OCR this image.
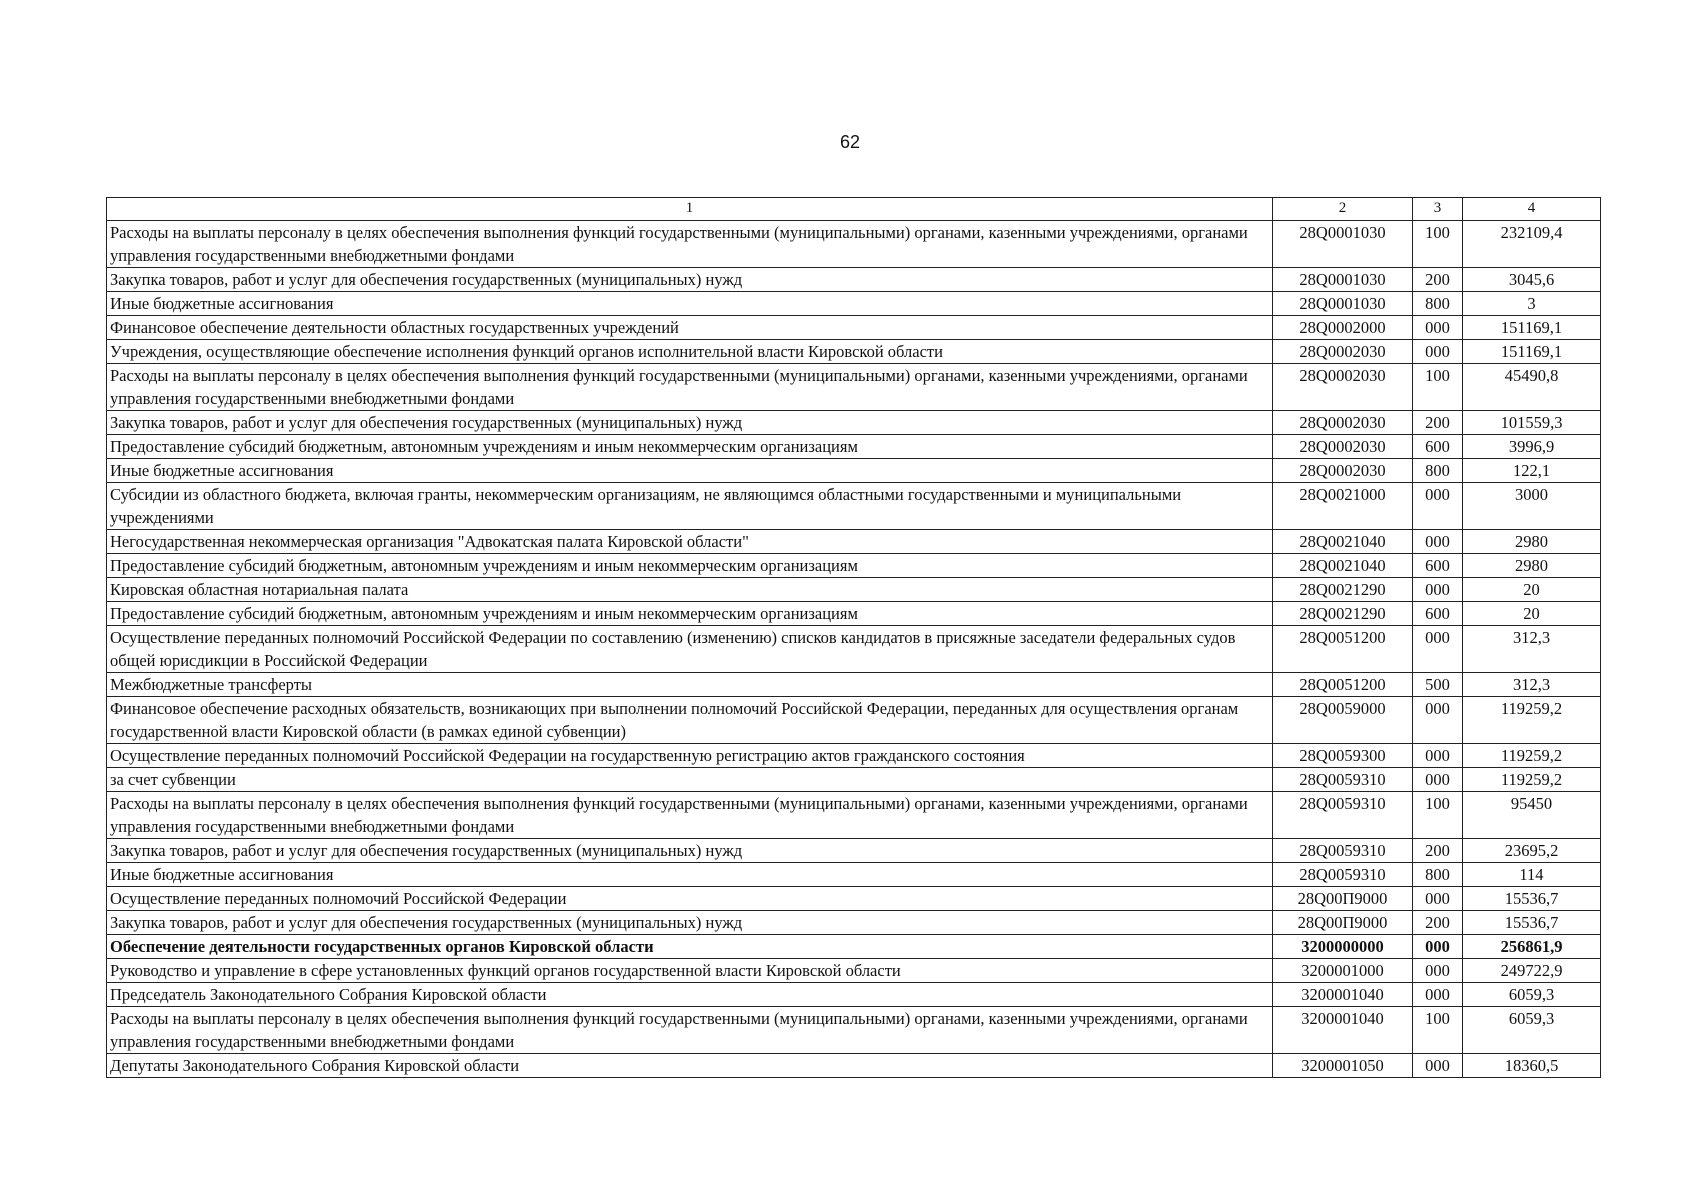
62
1	2	3	4
Расходы на выплаты персоналу в целях обеспечения выполнения функций государственными (муниципальными) органами, казенными учреждениями, органами управления государственными внебюджетными фондами	28Q0001030	100	232109,4
Закупка товаров, работ и услуг для обеспечения государственных (муниципальных) нужд	28Q0001030	200	3045,6
Иные бюджетные ассигнования	28Q0001030	800	3
Финансовое обеспечение деятельности областных государственных учреждений	28Q0002000	000	151169,1
Учреждения, осуществляющие обеспечение исполнения функций органов исполнительной власти Кировской области	28Q0002030	000	151169,1
Расходы на выплаты персоналу в целях обеспечения выполнения функций государственными (муниципальными) органами, казенными учреждениями, органами управления государственными внебюджетными фондами	28Q0002030	100	45490,8
Закупка товаров, работ и услуг для обеспечения государственных (муниципальных) нужд	28Q0002030	200	101559,3
Предоставление субсидий бюджетным, автономным учреждениям и иным некоммерческим организациям	28Q0002030	600	3996,9
Иные бюджетные ассигнования	28Q0002030	800	122,1
Субсидии из областного бюджета, включая гранты, некоммерческим организациям, не являющимся областными государственными и муниципальными учреждениями	28Q0021000	000	3000
Негосударственная некоммерческая организация "Адвокатская палата Кировской области"	28Q0021040	000	2980
Предоставление субсидий бюджетным, автономным учреждениям и иным некоммерческим организациям	28Q0021040	600	2980
Кировская областная нотариальная палата	28Q0021290	000	20
Предоставление субсидий бюджетным, автономным учреждениям и иным некоммерческим организациям	28Q0021290	600	20
Осуществление переданных полномочий Российской Федерации по составлению (изменению) списков кандидатов в присяжные заседатели федеральных судов общей юрисдикции в Российской Федерации	28Q0051200	000	312,3
Межбюджетные трансферты	28Q0051200	500	312,3
Финансовое обеспечение расходных обязательств, возникающих при выполнении полномочий Российской Федерации, переданных для осуществления органам государственной власти Кировской области (в рамках единой субвенции)	28Q0059000	000	119259,2
Осуществление переданных полномочий Российской Федерации на государственную регистрацию актов гражданского состояния	28Q0059300	000	119259,2
за счет субвенции	28Q0059310	000	119259,2
Расходы на выплаты персоналу в целях обеспечения выполнения функций государственными (муниципальными) органами, казенными учреждениями, органами управления государственными внебюджетными фондами	28Q0059310	100	95450
Закупка товаров, работ и услуг для обеспечения государственных (муниципальных) нужд	28Q0059310	200	23695,2
Иные бюджетные ассигнования	28Q0059310	800	114
Осуществление переданных полномочий Российской Федерации	28Q00П9000	000	15536,7
Закупка товаров, работ и услуг для обеспечения государственных (муниципальных) нужд	28Q00П9000	200	15536,7
Обеспечение деятельности государственных органов Кировской области	3200000000	000	256861,9
Руководство и управление в сфере установленных функций органов государственной власти Кировской области	3200001000	000	249722,9
Председатель Законодательного Собрания Кировской области	3200001040	000	6059,3
Расходы на выплаты персоналу в целях обеспечения выполнения функций государственными (муниципальными) органами, казенными учреждениями, органами управления государственными внебюджетными фондами	3200001040	100	6059,3
Депутаты Законодательного Собрания Кировской области	3200001050	000	18360,5
